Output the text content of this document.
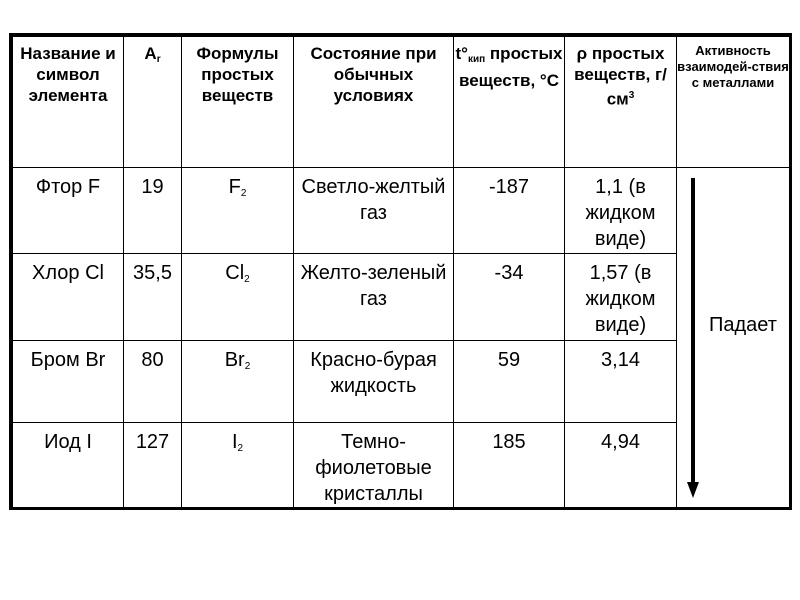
Название и символ элемента	$A_r$	Формулы простых веществ	Состояние при обычных условиях	$t^\circ_{кип}$ простых веществ, °С	ρ простых веществ, $г/см^3$	Активность взаимодей-ствия с металлами
Фтор F	19	$F_2$	Светло-желтый газ	-187	1,1 (в жидком виде)	Падает

Хлор Cl	35,5	$Cl_2$	Желто-зеленый газ	-34	1,57 (в жидком виде)	
Бром Br	80	$Br_2$	Красно-бурая жидкость	59	3,14	
Иод I	127	$I_2$	Темно-фиолетовые кристаллы	185	4,94	
